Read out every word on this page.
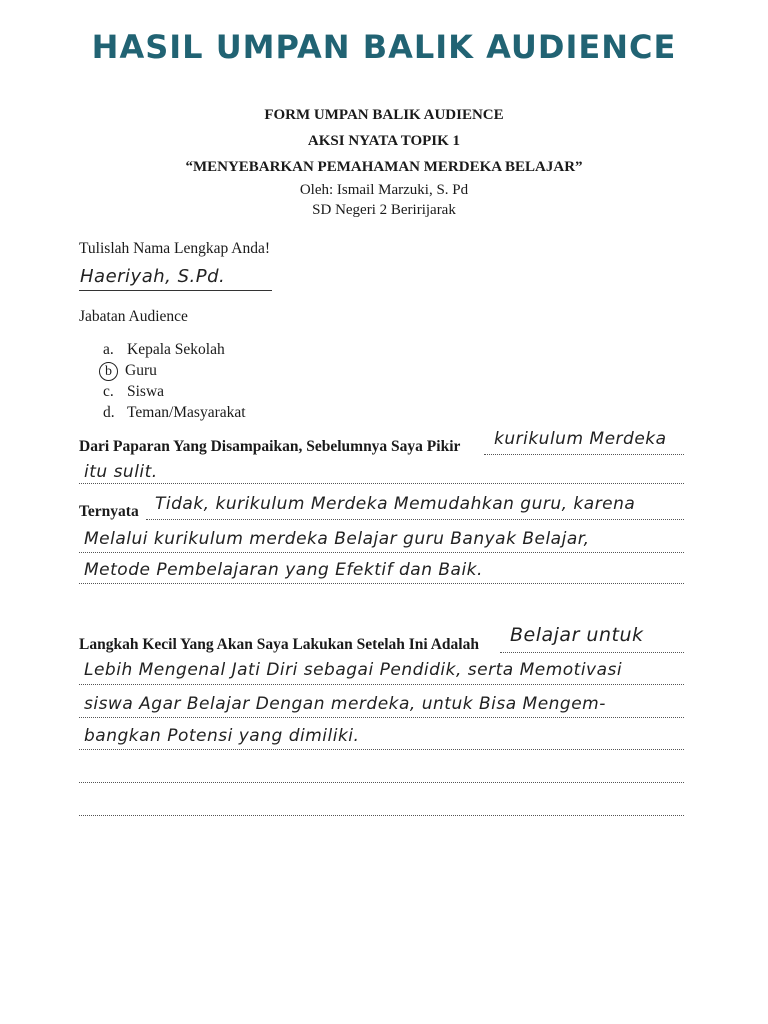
HASIL UMPAN BALIK AUDIENCE
FORM UMPAN BALIK AUDIENCE
AKSI NYATA TOPIK 1
“MENYEBARKAN PEMAHAMAN MERDEKA BELAJAR”
Oleh: Ismail Marzuki, S. Pd
SD Negeri 2 Beririjarak
Tulislah Nama Lengkap Anda!
Haeriyah, S.Pd.
Jabatan Audience
a. Kepala Sekolah
b Guru
c. Siswa
d. Teman/Masyarakat
Dari Paparan Yang Disampaikan, Sebelumnya Saya Pikir kurikulum Merdeka
itu sulit.
Ternyata Tidak, kurikulum Merdeka Memudahkan guru, karena
Melalui kurikulum merdeka Belajar guru Banyak Belajar,
Metode Pembelajaran yang Efektif dan Baik.
Langkah Kecil Yang Akan Saya Lakukan Setelah Ini Adalah Belajar untuk
Lebih Mengenal Jati Diri sebagai Pendidik, serta Memotivasi
siswa Agar Belajar Dengan merdeka, untuk Bisa Mengem-
bangkan Potensi yang dimiliki.
